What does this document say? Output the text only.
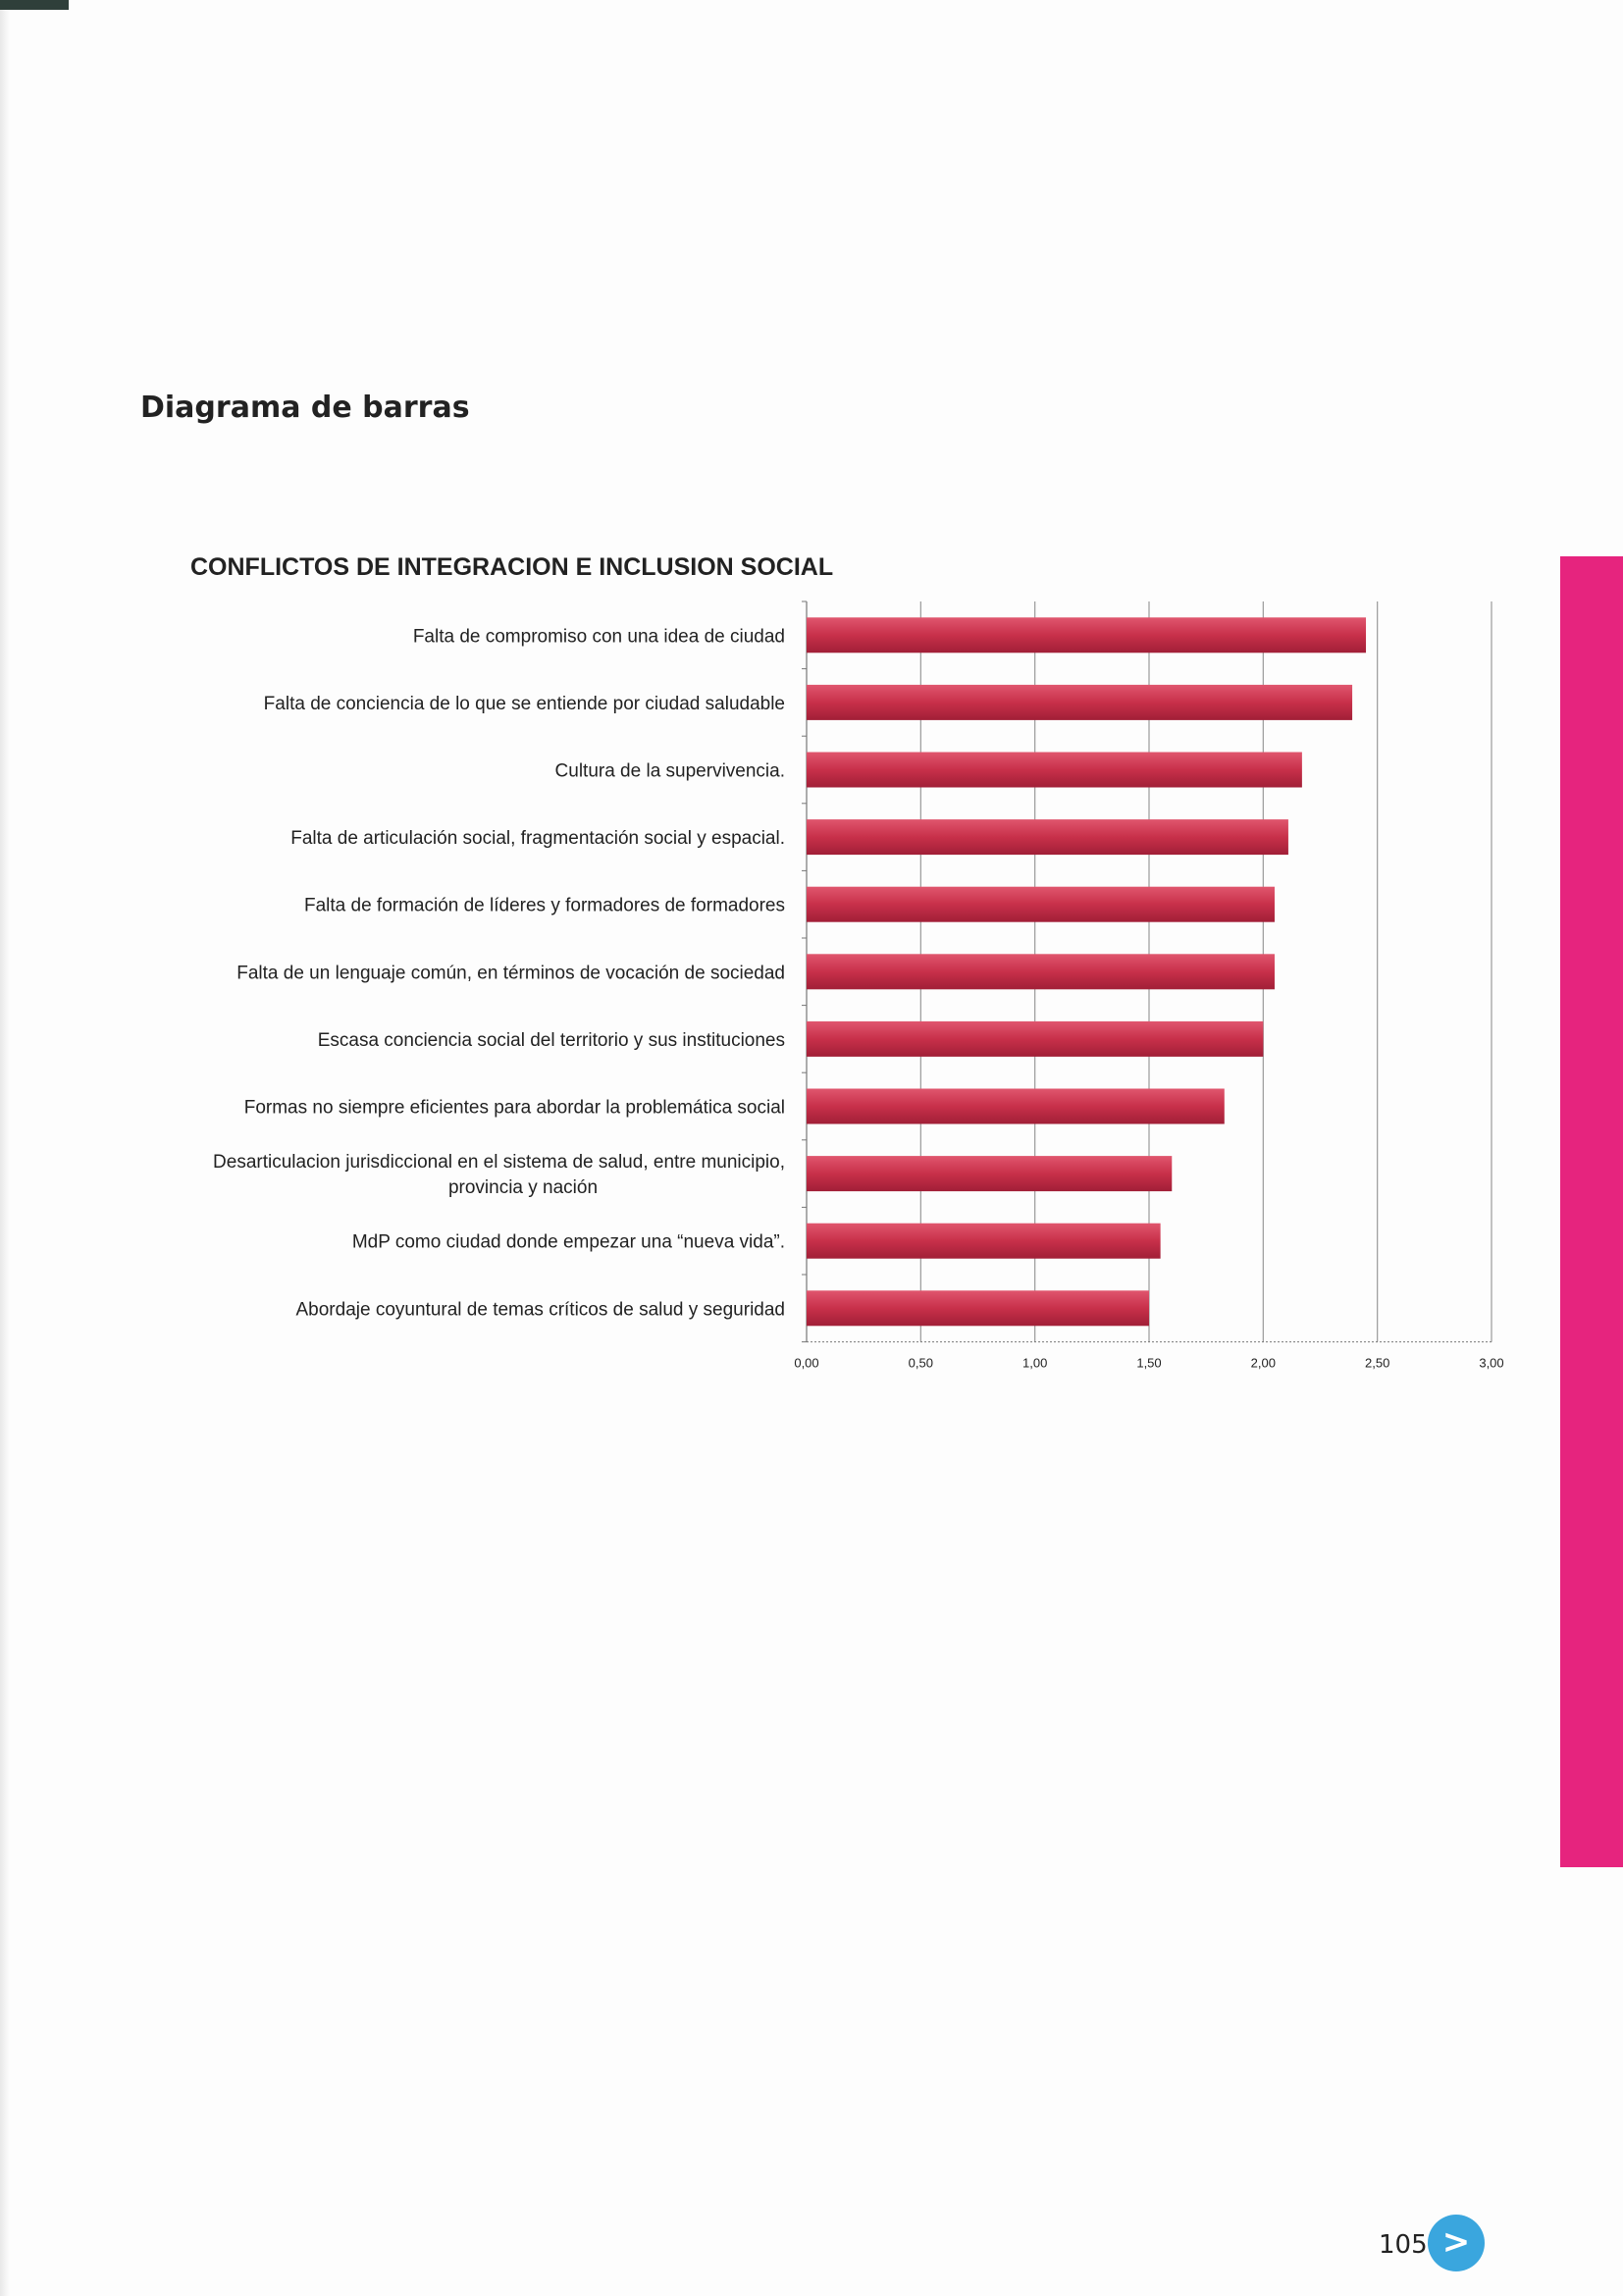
Diagrama de barras
CONFLICTOS DE INTEGRACION E INCLUSION SOCIAL
Falta de compromiso con una idea de ciudad
Falta de conciencia de lo que se entiende por ciudad saludable
Cultura de la supervivencia.
Falta de articulación social, fragmentación social y espacial.
Falta de formación de líderes y formadores de formadores
Falta de un lenguaje común, en términos de vocación de sociedad
Escasa conciencia social del territorio y sus instituciones
Formas no siempre eficientes para abordar la problemática social
Desarticulacion jurisdiccional en el sistema de salud, entre municipio, provincia y nación
MdP como ciudad donde empezar una “nueva vida”.
Abordaje coyuntural de temas críticos de salud y seguridad
0,00	0,50	1,00	1,50	2,00	2,50	3,00
105 >
